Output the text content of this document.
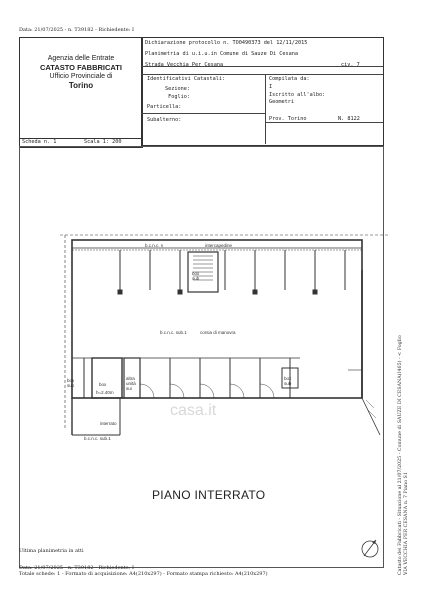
Data: 21/07/2025 - n. T39182 - Richiedente: I
Agenzia delle Entrate
CATASTO FABBRICATI
Ufficio Provinciale di
Torino
Dichiarazione protocollo n. TO0490373 del 12/11/2015
Planimetria di u.i.u.in Comune di Sauze Di Cesana
Strada Vecchia Per Cesana	civ. 7
Identificativi Catastali:
Sezione:
Foglio:
Particella:
Subalterno:
Compilata da:
I
Iscritto all'albo:
Geometri
Prov. Torino	N. 8122
Scheda n. 1	Scala 1: 200
b.c.n.c. s	intercapedine
box sub
b.c.n.c. sub.1	corsia di manovra
box sub	box
h=2.40m
altra unità sui
box sub
interrato
b.c.n.c. sub.1
casa.it
PIANO INTERRATO	Catasto dei Fabbricati - Situazione al 21/07/2025 - Comune di SAUZE DI CESANA(I465) - < Foglio VIA VECCHIA PER CESANA n. 7 Piano S1
Ultima planimetria in atti
Data: 21/07/2025 - n. T39182 - Richiedente: I
Totale schede: 1 - Formato di acquisizione: A4(210x297) - Formato stampa richiesto: A4(210x297)
